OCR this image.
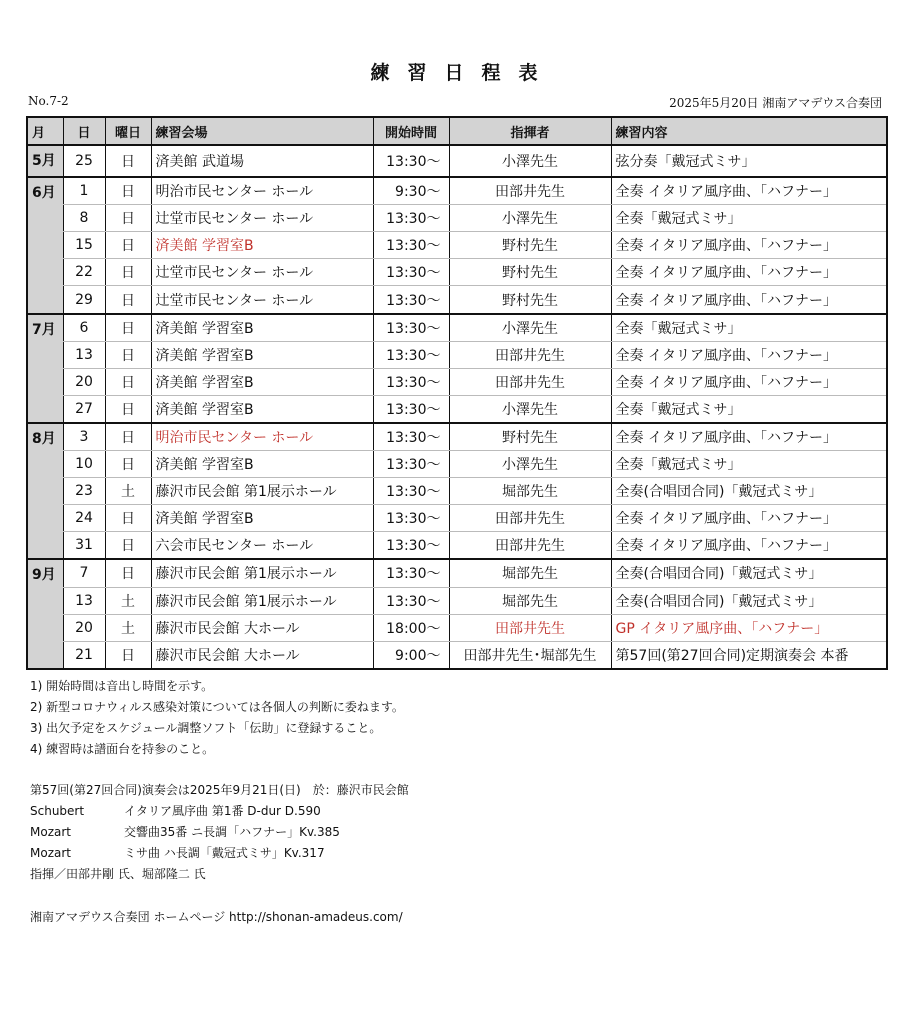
練習日程表
No.7-2	2025年5月20日 湘南アマデウス合奏団
月	日	曜日	練習会場	開始時間	指揮者	練習内容
5月	25	日	済美館 武道場	13:30〜	小澤先生	弦分奏「戴冠式ミサ」
6月	1	日	明治市民センター ホール	9:30〜	田部井先生	全奏 イタリア風序曲、「ハフナー」
	8	日	辻堂市民センター ホール	13:30〜	小澤先生	全奏「戴冠式ミサ」
	15	日	済美館 学習室B	13:30〜	野村先生	全奏 イタリア風序曲、「ハフナー」
	22	日	辻堂市民センター ホール	13:30〜	野村先生	全奏 イタリア風序曲、「ハフナー」
	29	日	辻堂市民センター ホール	13:30〜	野村先生	全奏 イタリア風序曲、「ハフナー」
7月	6	日	済美館 学習室B	13:30〜	小澤先生	全奏「戴冠式ミサ」
	13	日	済美館 学習室B	13:30〜	田部井先生	全奏 イタリア風序曲、「ハフナー」
	20	日	済美館 学習室B	13:30〜	田部井先生	全奏 イタリア風序曲、「ハフナー」
	27	日	済美館 学習室B	13:30〜	小澤先生	全奏「戴冠式ミサ」
8月	3	日	明治市民センター ホール	13:30〜	野村先生	全奏 イタリア風序曲、「ハフナー」
	10	日	済美館 学習室B	13:30〜	小澤先生	全奏「戴冠式ミサ」
	23	土	藤沢市民会館 第1展示ホール	13:30〜	堀部先生	全奏(合唱団合同)「戴冠式ミサ」
	24	日	済美館 学習室B	13:30〜	田部井先生	全奏 イタリア風序曲、「ハフナー」
	31	日	六会市民センター ホール	13:30〜	田部井先生	全奏 イタリア風序曲、「ハフナー」
9月	7	日	藤沢市民会館 第1展示ホール	13:30〜	堀部先生	全奏(合唱団合同)「戴冠式ミサ」
	13	土	藤沢市民会館 第1展示ホール	13:30〜	堀部先生	全奏(合唱団合同)「戴冠式ミサ」
	20	土	藤沢市民会館 大ホール	18:00〜	田部井先生	GP イタリア風序曲、「ハフナー」
	21	日	藤沢市民会館 大ホール	9:00〜	田部井先生･堀部先生	第57回(第27回合同)定期演奏会 本番
1) 開始時間は音出し時間を示す。
2) 新型コロナウィルス感染対策については各個人の判断に委ねます。
3) 出欠予定をスケジュール調整ソフト「伝助」に登録すること。
4) 練習時は譜面台を持参のこと。
第57回(第27回合同)演奏会は2025年9月21日(日)　於：藤沢市民会館
Schubert	イタリア風序曲 第1番 D-dur D.590
Mozart	交響曲35番 ニ長調「ハフナー」Kv.385
Mozart	ミサ曲 ハ長調「戴冠式ミサ」Kv.317
指揮／田部井剛 氏、堀部隆二 氏
湘南アマデウス合奏団 ホームページ http://shonan-amadeus.com/
